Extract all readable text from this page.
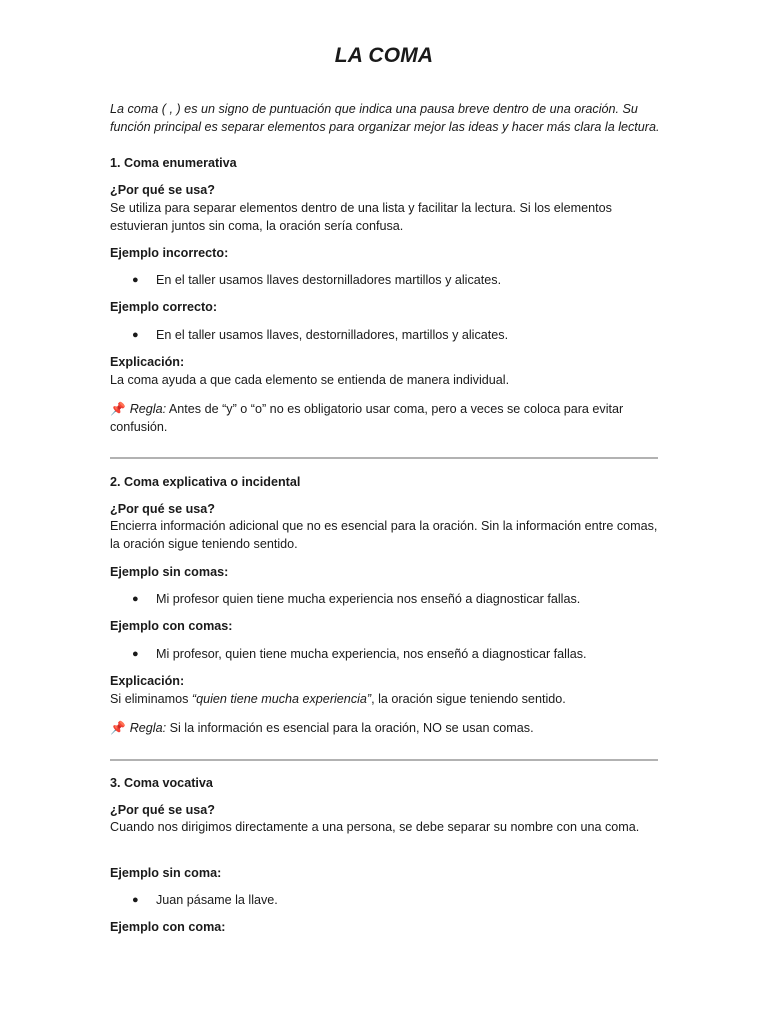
LA COMA

La coma ( , ) es un signo de puntuación que indica una pausa breve dentro de una oración. Su función principal es separar elementos para organizar mejor las ideas y hacer más clara la lectura.

1. Coma enumerativa
¿Por qué se usa?
Se utiliza para separar elementos dentro de una lista y facilitar la lectura. Si los elementos estuvieran juntos sin coma, la oración sería confusa.
Ejemplo incorrecto:
● En el taller usamos llaves destornilladores martillos y alicates.
Ejemplo correcto:
● En el taller usamos llaves, destornilladores, martillos y alicates.
Explicación:
La coma ayuda a que cada elemento se entienda de manera individual.
📌 Regla: Antes de “y” o “o” no es obligatorio usar coma, pero a veces se coloca para evitar confusión.
2. Coma explicativa o incidental
¿Por qué se usa?
Encierra información adicional que no es esencial para la oración. Sin la información entre comas, la oración sigue teniendo sentido.
Ejemplo sin comas:
● Mi profesor quien tiene mucha experiencia nos enseñó a diagnosticar fallas.
Ejemplo con comas:
● Mi profesor, quien tiene mucha experiencia, nos enseñó a diagnosticar fallas.
Explicación:
Si eliminamos “quien tiene mucha experiencia”, la oración sigue teniendo sentido.
📌 Regla: Si la información es esencial para la oración, NO se usan comas.
3. Coma vocativa
¿Por qué se usa?
Cuando nos dirigimos directamente a una persona, se debe separar su nombre con una coma.
Ejemplo sin coma:
● Juan pásame la llave.
Ejemplo con coma:
